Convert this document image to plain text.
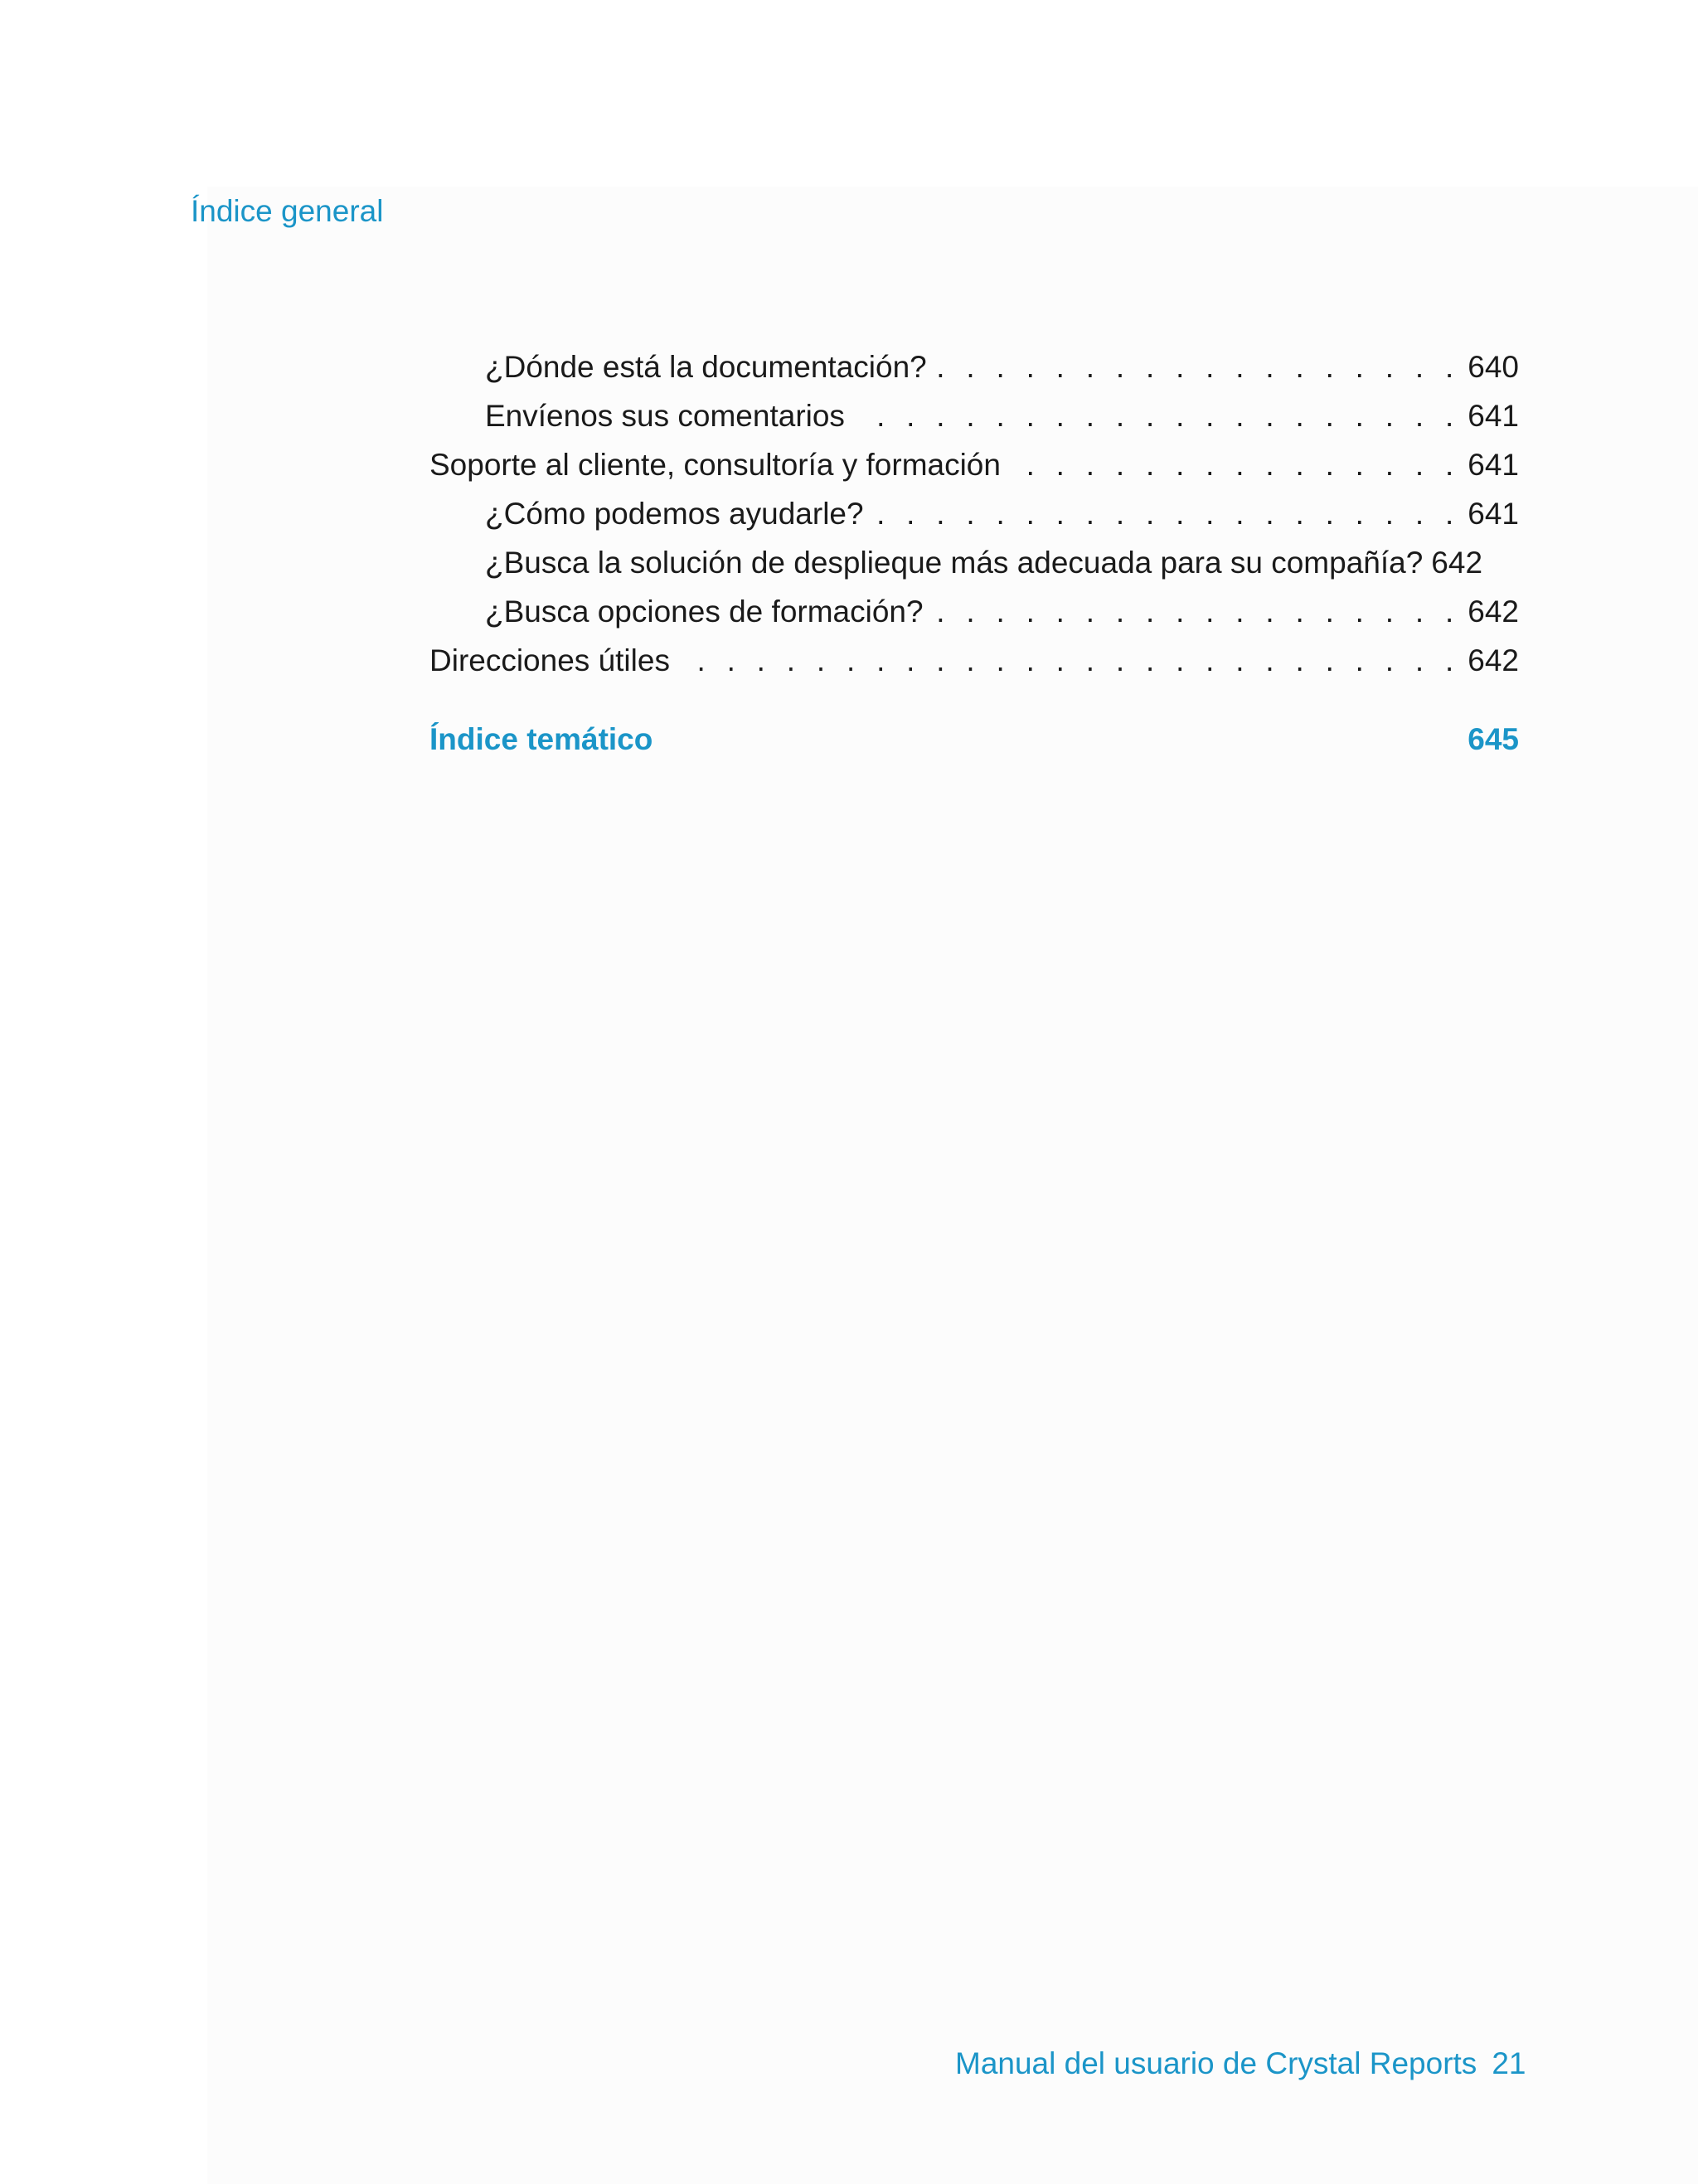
Índice general
¿Dónde está la documentación? . . .	640
Envíenos sus comentarios . . .	641
Soporte al cliente, consultoría y formación . . .	641
¿Cómo podemos ayudarle? . . .	641
¿Busca la solución de desplieque más adecuada para su compañía? 642
¿Busca opciones de formación? . . .	642
Direcciones útiles . . .	642
Índice temático	645
Manual del usuario de Crystal Reports 21
